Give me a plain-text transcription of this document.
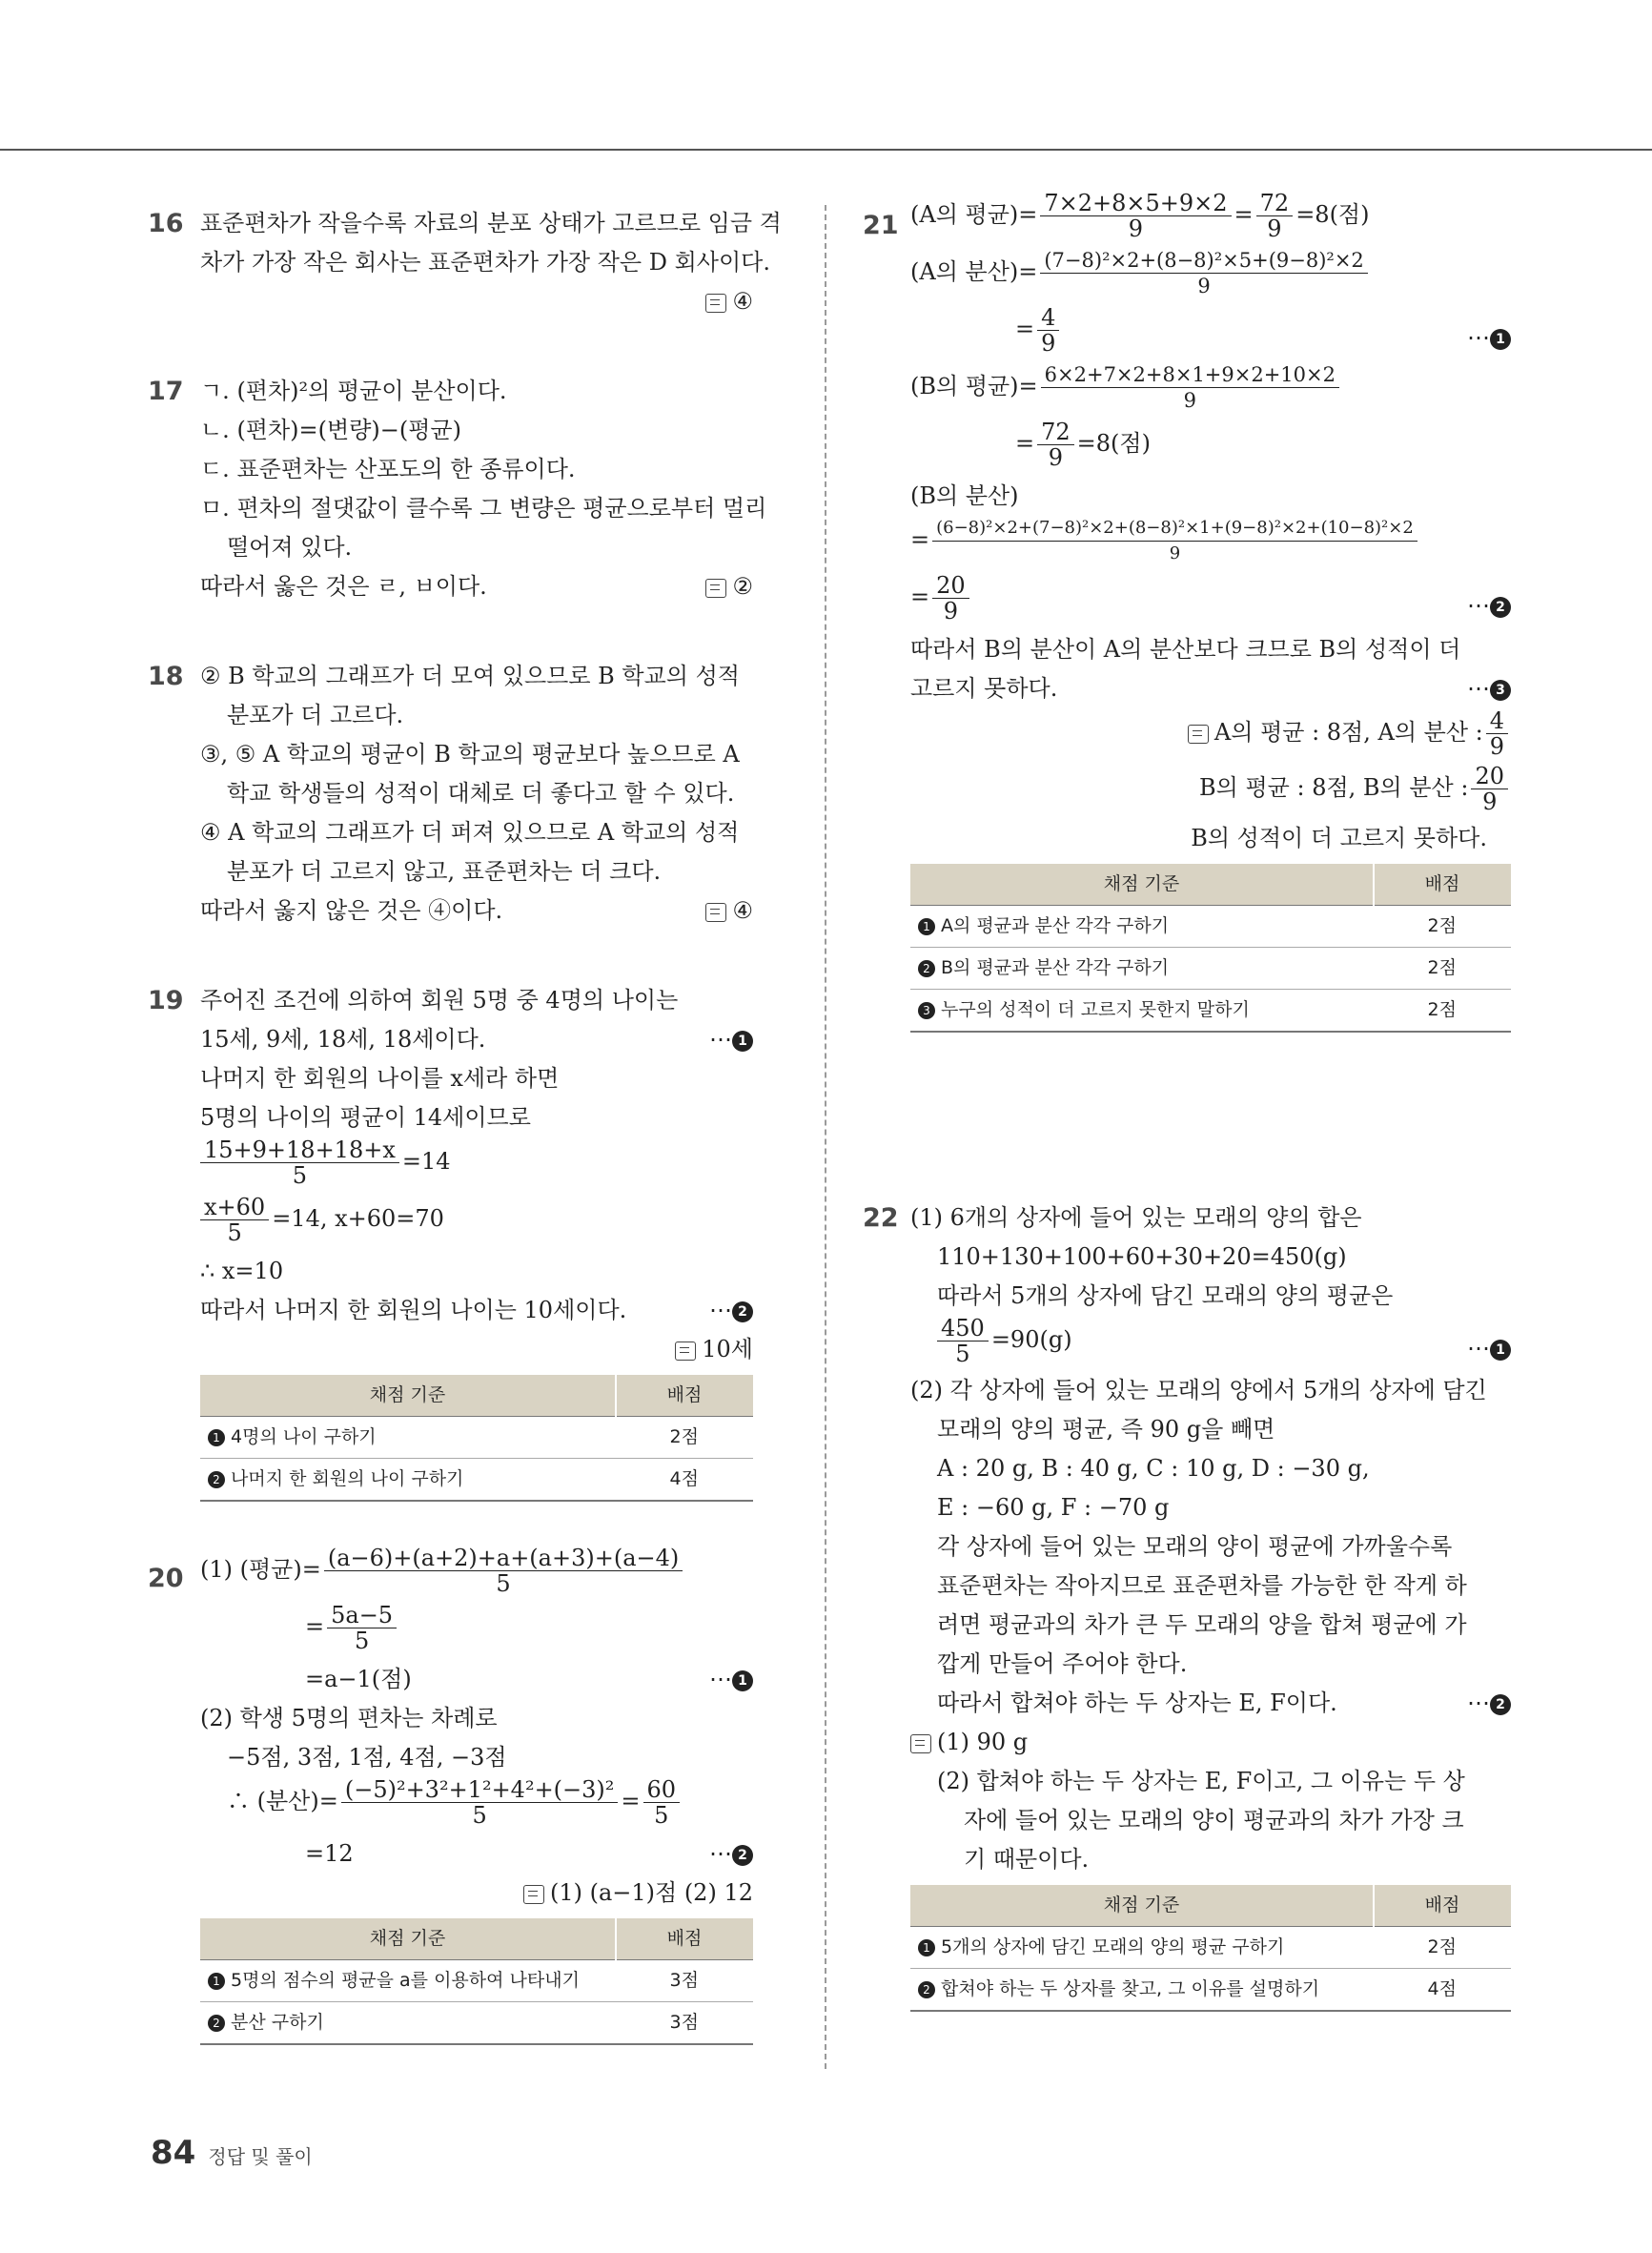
16 표준편차가 작을수록 자료의 분포 상태가 고르므로 임금 격
차가 가장 작은 회사는 표준편차가 가장 작은 D 회사이다.
④
17 ㄱ. (편차)²의 평균이 분산이다.
ㄴ. (편차)=(변량)−(평균)
ㄷ. 표준편차는 산포도의 한 종류이다.
ㅁ. 편차의 절댓값이 클수록 그 변량은 평균으로부터 멀리
떨어져 있다.
따라서 옳은 것은 ㄹ, ㅂ이다.	②
18 ② B 학교의 그래프가 더 모여 있으므로 B 학교의 성적
분포가 더 고르다.
③, ⑤ A 학교의 평균이 B 학교의 평균보다 높으므로 A
학교 학생들의 성적이 대체로 더 좋다고 할 수 있다.
④ A 학교의 그래프가 더 퍼져 있으므로 A 학교의 성적
분포가 더 고르지 않고, 표준편차는 더 크다.
따라서 옳지 않은 것은 ④이다.	④
19 주어진 조건에 의하여 회원 5명 중 4명의 나이는
15세, 9세, 18세, 18세이다.	⋯ 1
나머지 한 회원의 나이를 x세라 하면
5명의 나이의 평균이 14세이므로
$\frac{15+9+18+18+x}{5} =14$
$\frac{x+60}{5} =14$, x+60=70
∴ x=10
따라서 나머지 한 회원의 나이는 10세이다.	⋯ 2
10세
채점 기준	배점
1 4명의 나이 구하기	2점
2 나머지 한 회원의 나이 구하기	4점
20 (1) (평균)= $\frac{(a-6)+(a+2)+a+(a+3)+(a-4)}{5}$
= $\frac{5a-5}{5}$
=a−1(점)	⋯ 1
(2) 학생 5명의 편차는 차례로
−5점, 3점, 1점, 4점, −3점
∴ (분산)= $\frac{\text{(−5)²+3²+1²+4²+(−3)²}}{5} = \frac{60}{5}$
=12	⋯ 2
(1) (a−1)점 (2) 12
채점 기준	배점
1 5명의 점수의 평균을 a를 이용하여 나타내기	3점
2 분산 구하기	3점
21 (A의 평균)= $\frac{7\times 2+8\times 5+9\times 2}{9} = \frac{72}{9} =8$(점)
(A의 분산)= $\frac{\text{(7−8)²×2+(8−8)²×5+(9−8)²×2}}{9}$
= $\frac{4}{9}$	⋯ 1
(B의 평균)= $\frac{6\times 2+7\times 2+8\times 1+9\times 2+10\times 2}{9}$
= $\frac{72}{9} =8$(점)
(B의 분산)
= $\frac{\text{(6−8)²×2+(7−8)²×2+(8−8)²×1+(9−8)²×2+(10−8)²×2}}{9}$
= $\frac{20}{9}$	⋯ 2
따라서 B의 분산이 A의 분산보다 크므로 B의 성적이 더
고르지 못하다.	⋯ 3
A의 평균 : 8점, A의 분산 : $\frac{4}{9}$
B의 평균 : 8점, B의 분산 : $\frac{20}{9}$
B의 성적이 더 고르지 못하다.
채점 기준	배점
1 A의 평균과 분산 각각 구하기	2점
2 B의 평균과 분산 각각 구하기	2점
3 누구의 성적이 더 고르지 못한지 말하기	2점
22 (1) 6개의 상자에 들어 있는 모래의 양의 합은
110+130+100+60+30+20=450(g)
따라서 5개의 상자에 담긴 모래의 양의 평균은
$\frac{450}{5} =90(g)$	⋯ 1
(2) 각 상자에 들어 있는 모래의 양에서 5개의 상자에 담긴
모래의 양의 평균, 즉 90 g을 빼면
A : 20 g, B : 40 g, C : 10 g, D : −30 g,
E : −60 g, F : −70 g
각 상자에 들어 있는 모래의 양이 평균에 가까울수록
표준편차는 작아지므로 표준편차를 가능한 한 작게 하
려면 평균과의 차가 큰 두 모래의 양을 합쳐 평균에 가
깝게 만들어 주어야 한다.
따라서 합쳐야 하는 두 상자는 E, F이다.	⋯ 2
(1) 90 g
(2) 합쳐야 하는 두 상자는 E, F이고, 그 이유는 두 상
자에 들어 있는 모래의 양이 평균과의 차가 가장 크
기 때문이다.
채점 기준	배점
1 5개의 상자에 담긴 모래의 양의 평균 구하기	2점
2 합쳐야 하는 두 상자를 찾고, 그 이유를 설명하기	4점
84 정답 및 풀이
